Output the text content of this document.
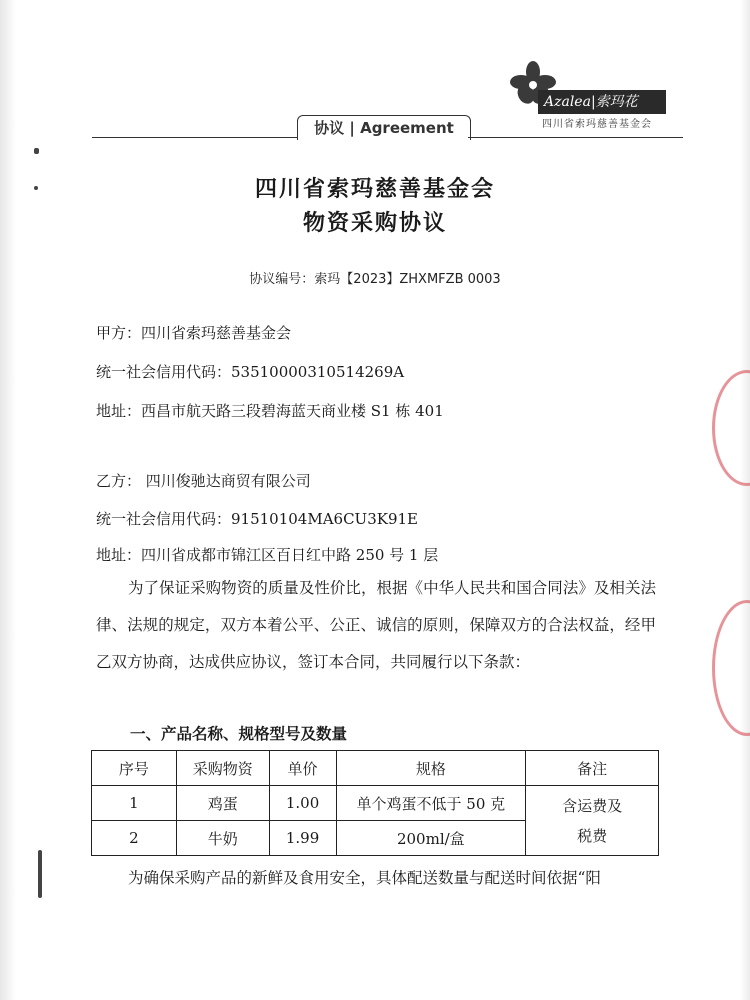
Azalea|索玛花
四川省索玛慈善基金会
协议 | Agreement
四川省索玛慈善基金会
物资采购协议
协议编号：索玛【2023】ZHXMFZB 0003
甲方：四川省索玛慈善基金会
统一社会信用代码：53510000310514269A
地址：西昌市航天路三段碧海蓝天商业楼 S1 栋 401
乙方： 四川俊驰达商贸有限公司
统一社会信用代码：91510104MA6CU3K91E
地址：四川省成都市锦江区百日红中路 250 号 1 层
为了保证采购物资的质量及性价比，根据《中华人民共和国合同法》及相关法律、法规的规定，双方本着公平、公正、诚信的原则，保障双方的合法权益，经甲乙双方协商，达成供应协议，签订本合同，共同履行以下条款：
一、产品名称、规格型号及数量
序号	采购物资	单价	规格	备注
1	鸡蛋	1.00	单个鸡蛋不低于 50 克	含运费及税费

2	牛奶	1.99	200ml/盒	
为确保采购产品的新鲜及食用安全，具体配送数量与配送时间依据“阳
